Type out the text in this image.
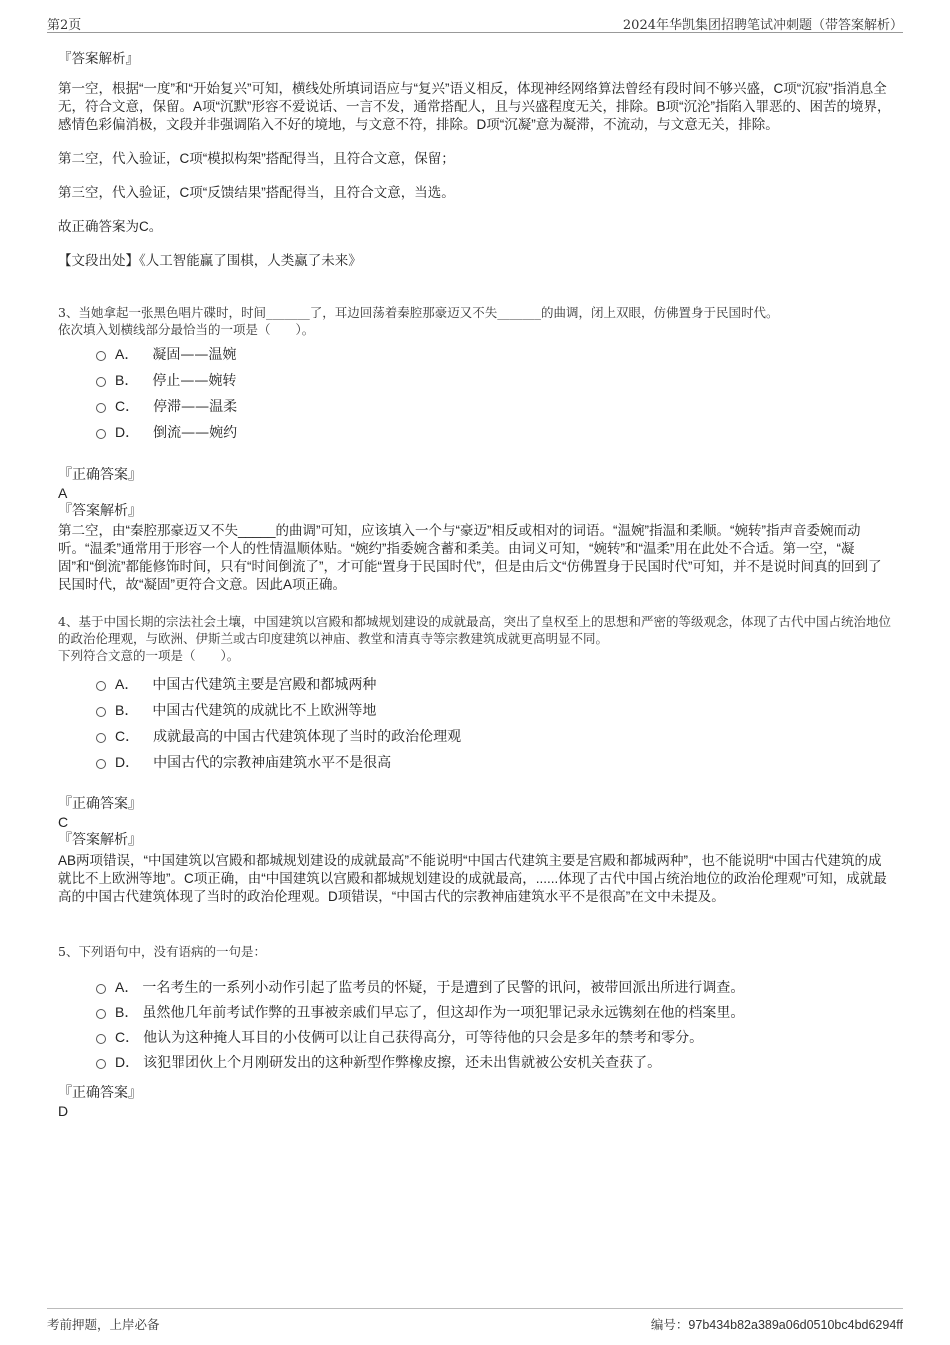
第2页	2024年华凯集团招聘笔试冲刺题（带答案解析）

『答案解析』

第一空，根据“一度”和“开始复兴”可知，横线处所填词语应与“复兴”语义相反，体现神经网络算法曾经有段时间不够兴盛，C项“沉寂”指消息全无，符合文意，保留。A项“沉默”形容不爱说话、一言不发，通常搭配人，且与兴盛程度无关，排除。B项“沉沦”指陷入罪恶的、困苦的境界，感情色彩偏消极，文段并非强调陷入不好的境地，与文意不符，排除。D项“沉凝”意为凝滞，不流动，与文意无关，排除。

第二空，代入验证，C项“模拟构架”搭配得当，且符合文意，保留；

第三空，代入验证，C项“反馈结果”搭配得当，且符合文意，当选。

故正确答案为C。

【文段出处】《人工智能赢了围棋，人类赢了未来》

3、当她拿起一张黑色唱片碟时，时间_______了，耳边回荡着秦腔那豪迈又不失_______的曲调，闭上双眼，仿佛置身于民国时代。

依次填入划横线部分最恰当的一项是（　　）。

A． 凝固——温婉
B． 停止——婉转
C． 停滞——温柔
D． 倒流——婉约
『正确答案』
A
『答案解析』

第二空，由“秦腔那豪迈又不失_____的曲调”可知，应该填入一个与“豪迈”相反或相对的词语。“温婉”指温和柔顺。“婉转”指声音委婉而动听。“温柔”通常用于形容一个人的性情温顺体贴。“婉约”指委婉含蓄和柔美。由词义可知，“婉转”和“温柔”用在此处不合适。第一空，“凝固”和“倒流”都能修饰时间，只有“时间倒流了”，才可能“置身于民国时代”，但是由后文“仿佛置身于民国时代”可知，并不是说时间真的回到了民国时代，故“凝固”更符合文意。因此A项正确。

4、基于中国长期的宗法社会土壤，中国建筑以宫殿和都城规划建设的成就最高，突出了皇权至上的思想和严密的等级观念，体现了古代中国占统治地位的政治伦理观，与欧洲、伊斯兰或古印度建筑以神庙、教堂和清真寺等宗教建筑成就更高明显不同。

下列符合文意的一项是（　　）。

A． 中国古代建筑主要是宫殿和都城两种
B． 中国古代建筑的成就比不上欧洲等地
C． 成就最高的中国古代建筑体现了当时的政治伦理观
D． 中国古代的宗教神庙建筑水平不是很高
『正确答案』
C
『答案解析』

AB两项错误，“中国建筑以宫殿和都城规划建设的成就最高”不能说明“中国古代建筑主要是宫殿和都城两种”，也不能说明“中国古代建筑的成就比不上欧洲等地”。C项正确，由“中国建筑以宫殿和都城规划建设的成就最高，......体现了古代中国占统治地位的政治伦理观”可知，成就最高的中国古代建筑体现了当时的政治伦理观。D项错误，“中国古代的宗教神庙建筑水平不是很高”在文中未提及。

5、下列语句中，没有语病的一句是：

A． 一名考生的一系列小动作引起了监考员的怀疑，于是遭到了民警的讯问，被带回派出所进行调查。
B． 虽然他几年前考试作弊的丑事被亲戚们早忘了，但这却作为一项犯罪记录永远镌刻在他的档案里。
C． 他认为这种掩人耳目的小伎俩可以让自己获得高分，可等待他的只会是多年的禁考和零分。
D． 该犯罪团伙上个月刚研发出的这种新型作弊橡皮擦，还未出售就被公安机关查获了。
『正确答案』
D
考前押题，上岸必备	编号：97b434b82a389a06d0510bc4bd6294ff
